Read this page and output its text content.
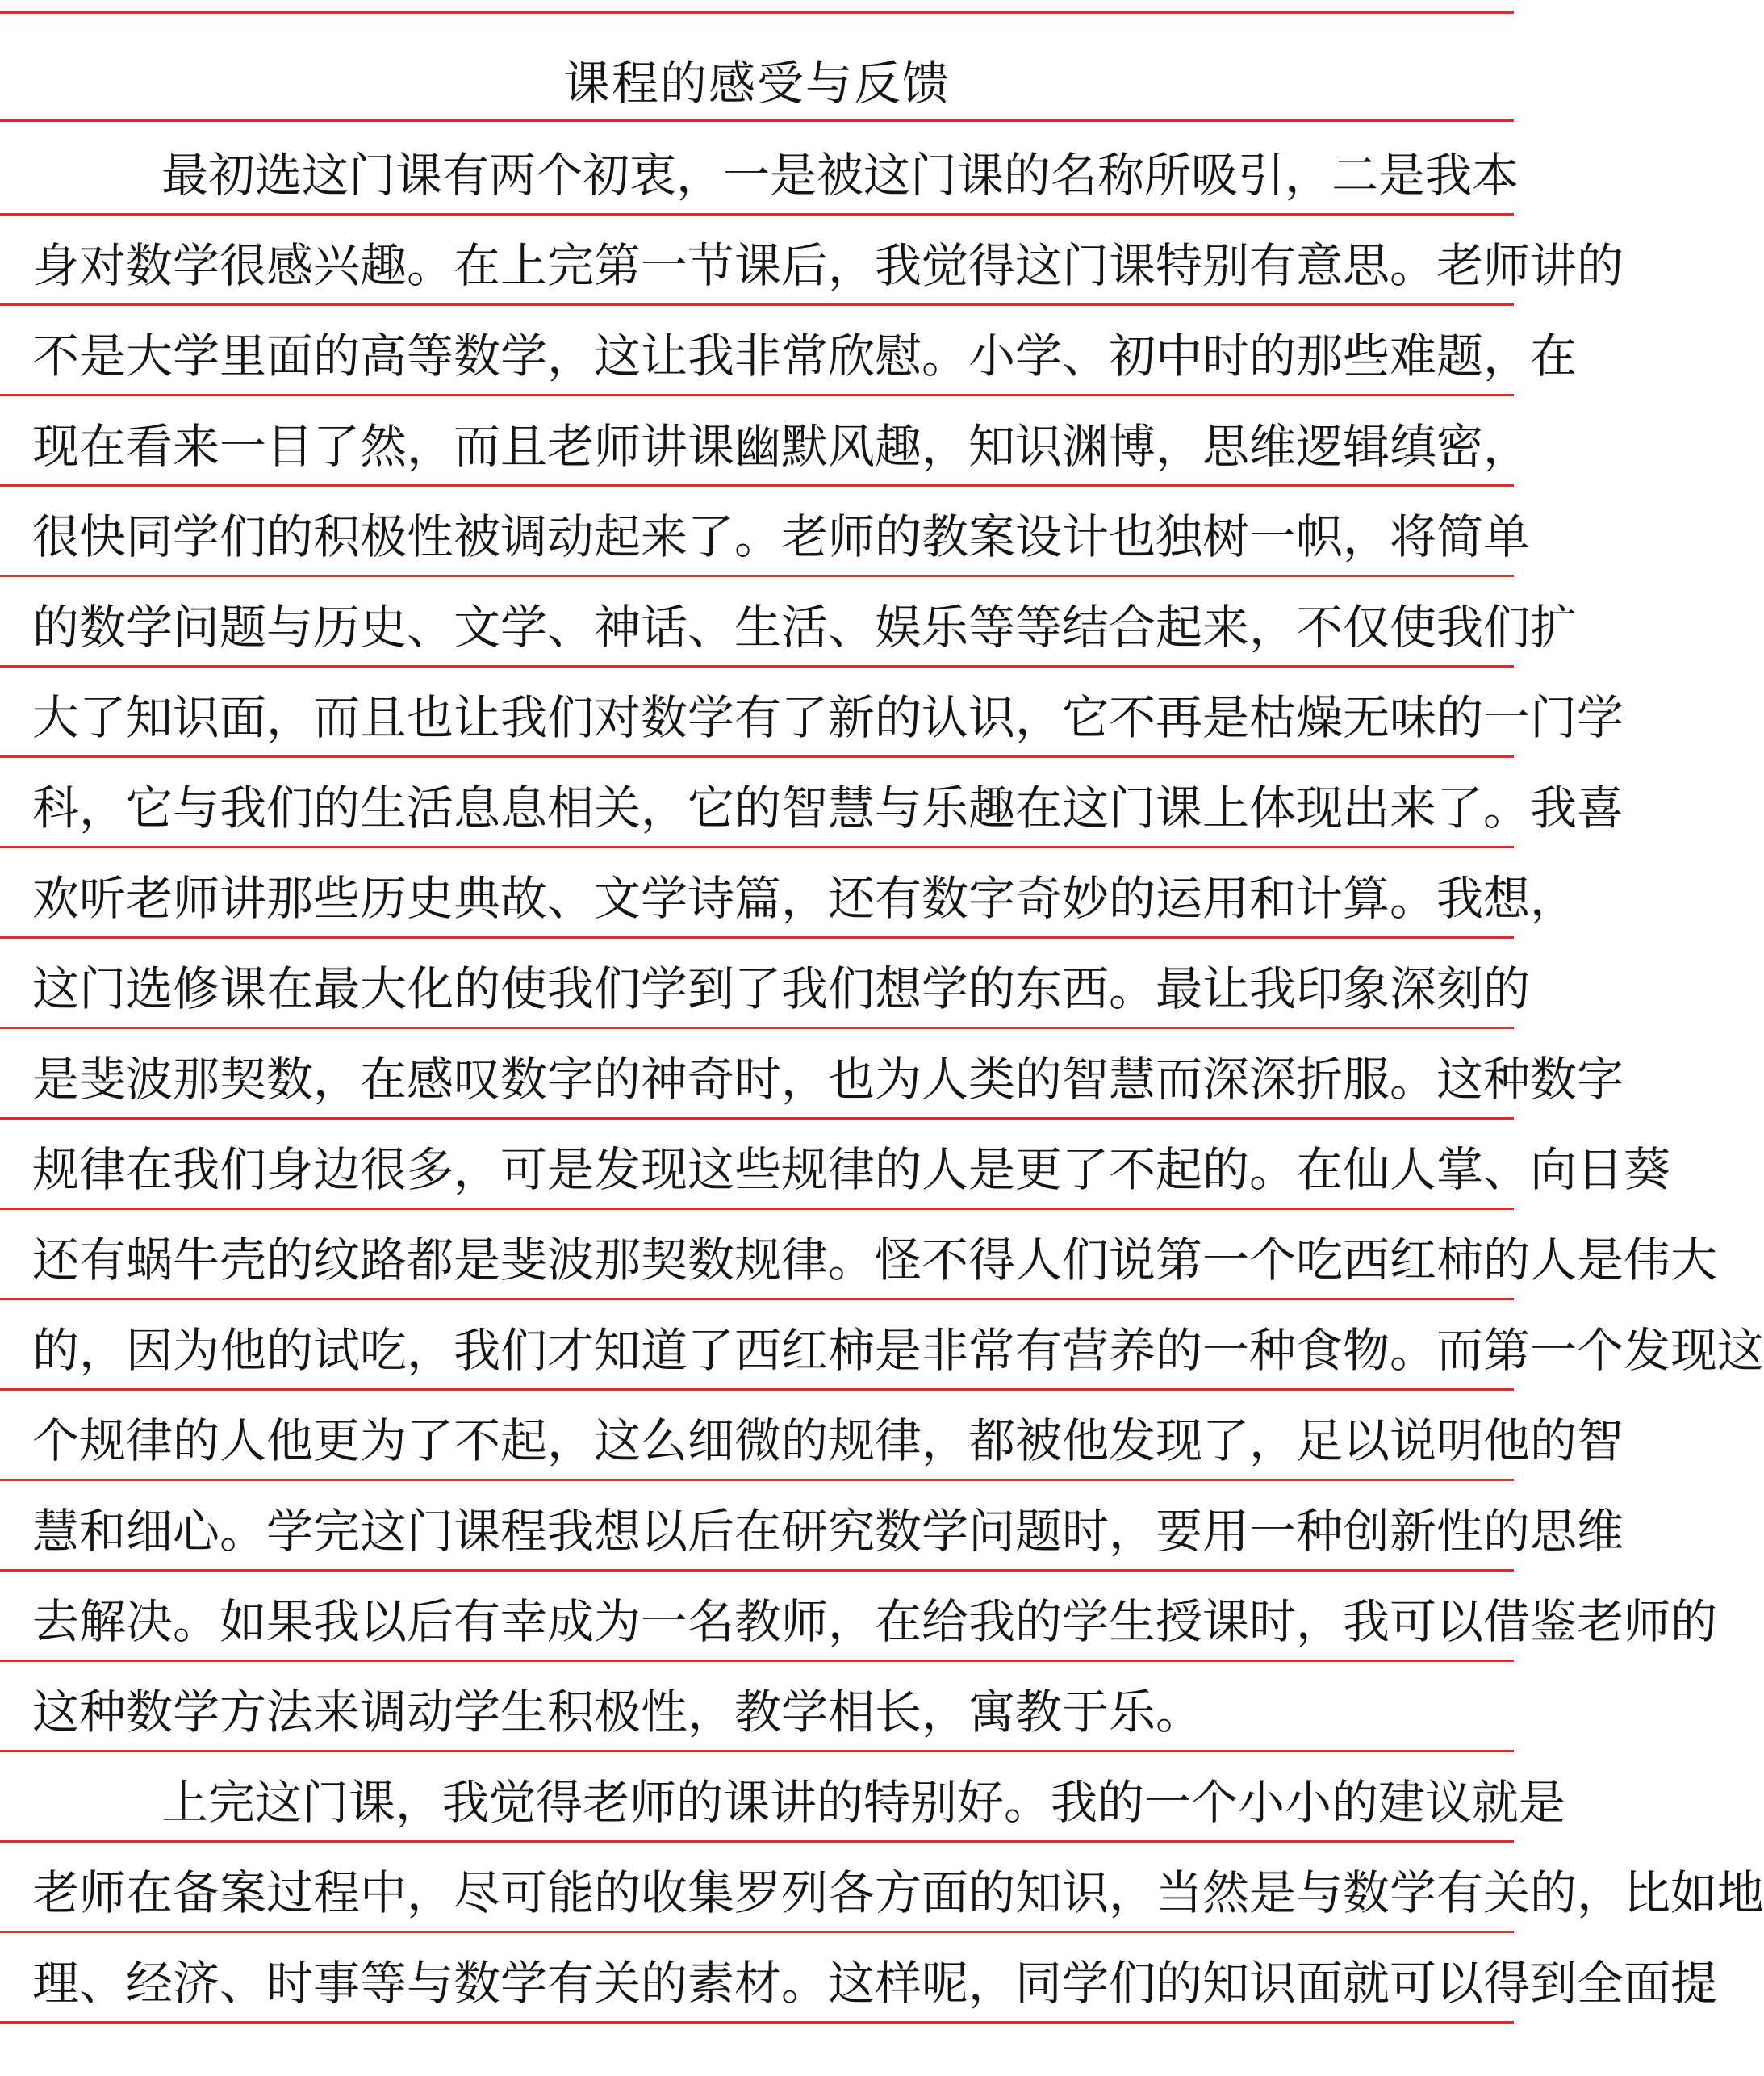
课程的感受与反馈
最初选这门课有两个初衷，一是被这门课的名称所吸引，二是我本
身对数学很感兴趣。在上完第一节课后，我觉得这门课特别有意思。老师讲的
不是大学里面的高等数学，这让我非常欣慰。小学、初中时的那些难题，在
现在看来一目了然，而且老师讲课幽默风趣，知识渊博，思维逻辑缜密，
很快同学们的积极性被调动起来了。老师的教案设计也独树一帜，将简单
的数学问题与历史、文学、神话、生活、娱乐等等结合起来，不仅使我们扩
大了知识面，而且也让我们对数学有了新的认识，它不再是枯燥无味的一门学
科，它与我们的生活息息相关，它的智慧与乐趣在这门课上体现出来了。我喜
欢听老师讲那些历史典故、文学诗篇，还有数字奇妙的运用和计算。我想，
这门选修课在最大化的使我们学到了我们想学的东西。最让我印象深刻的
是斐波那契数，在感叹数字的神奇时，也为人类的智慧而深深折服。这种数字
规律在我们身边很多，可是发现这些规律的人是更了不起的。在仙人掌、向日葵
还有蜗牛壳的纹路都是斐波那契数规律。怪不得人们说第一个吃西红柿的人是伟大
的，因为他的试吃，我们才知道了西红柿是非常有营养的一种食物。而第一个发现这
个规律的人他更为了不起，这么细微的规律，都被他发现了，足以说明他的智
慧和细心。学完这门课程我想以后在研究数学问题时，要用一种创新性的思维
去解决。如果我以后有幸成为一名教师，在给我的学生授课时，我可以借鉴老师的
这种数学方法来调动学生积极性，教学相长，寓教于乐。
上完这门课，我觉得老师的课讲的特别好。我的一个小小的建议就是
老师在备案过程中，尽可能的收集罗列各方面的知识，当然是与数学有关的，比如地
理、经济、时事等与数学有关的素材。这样呢，同学们的知识面就可以得到全面提
